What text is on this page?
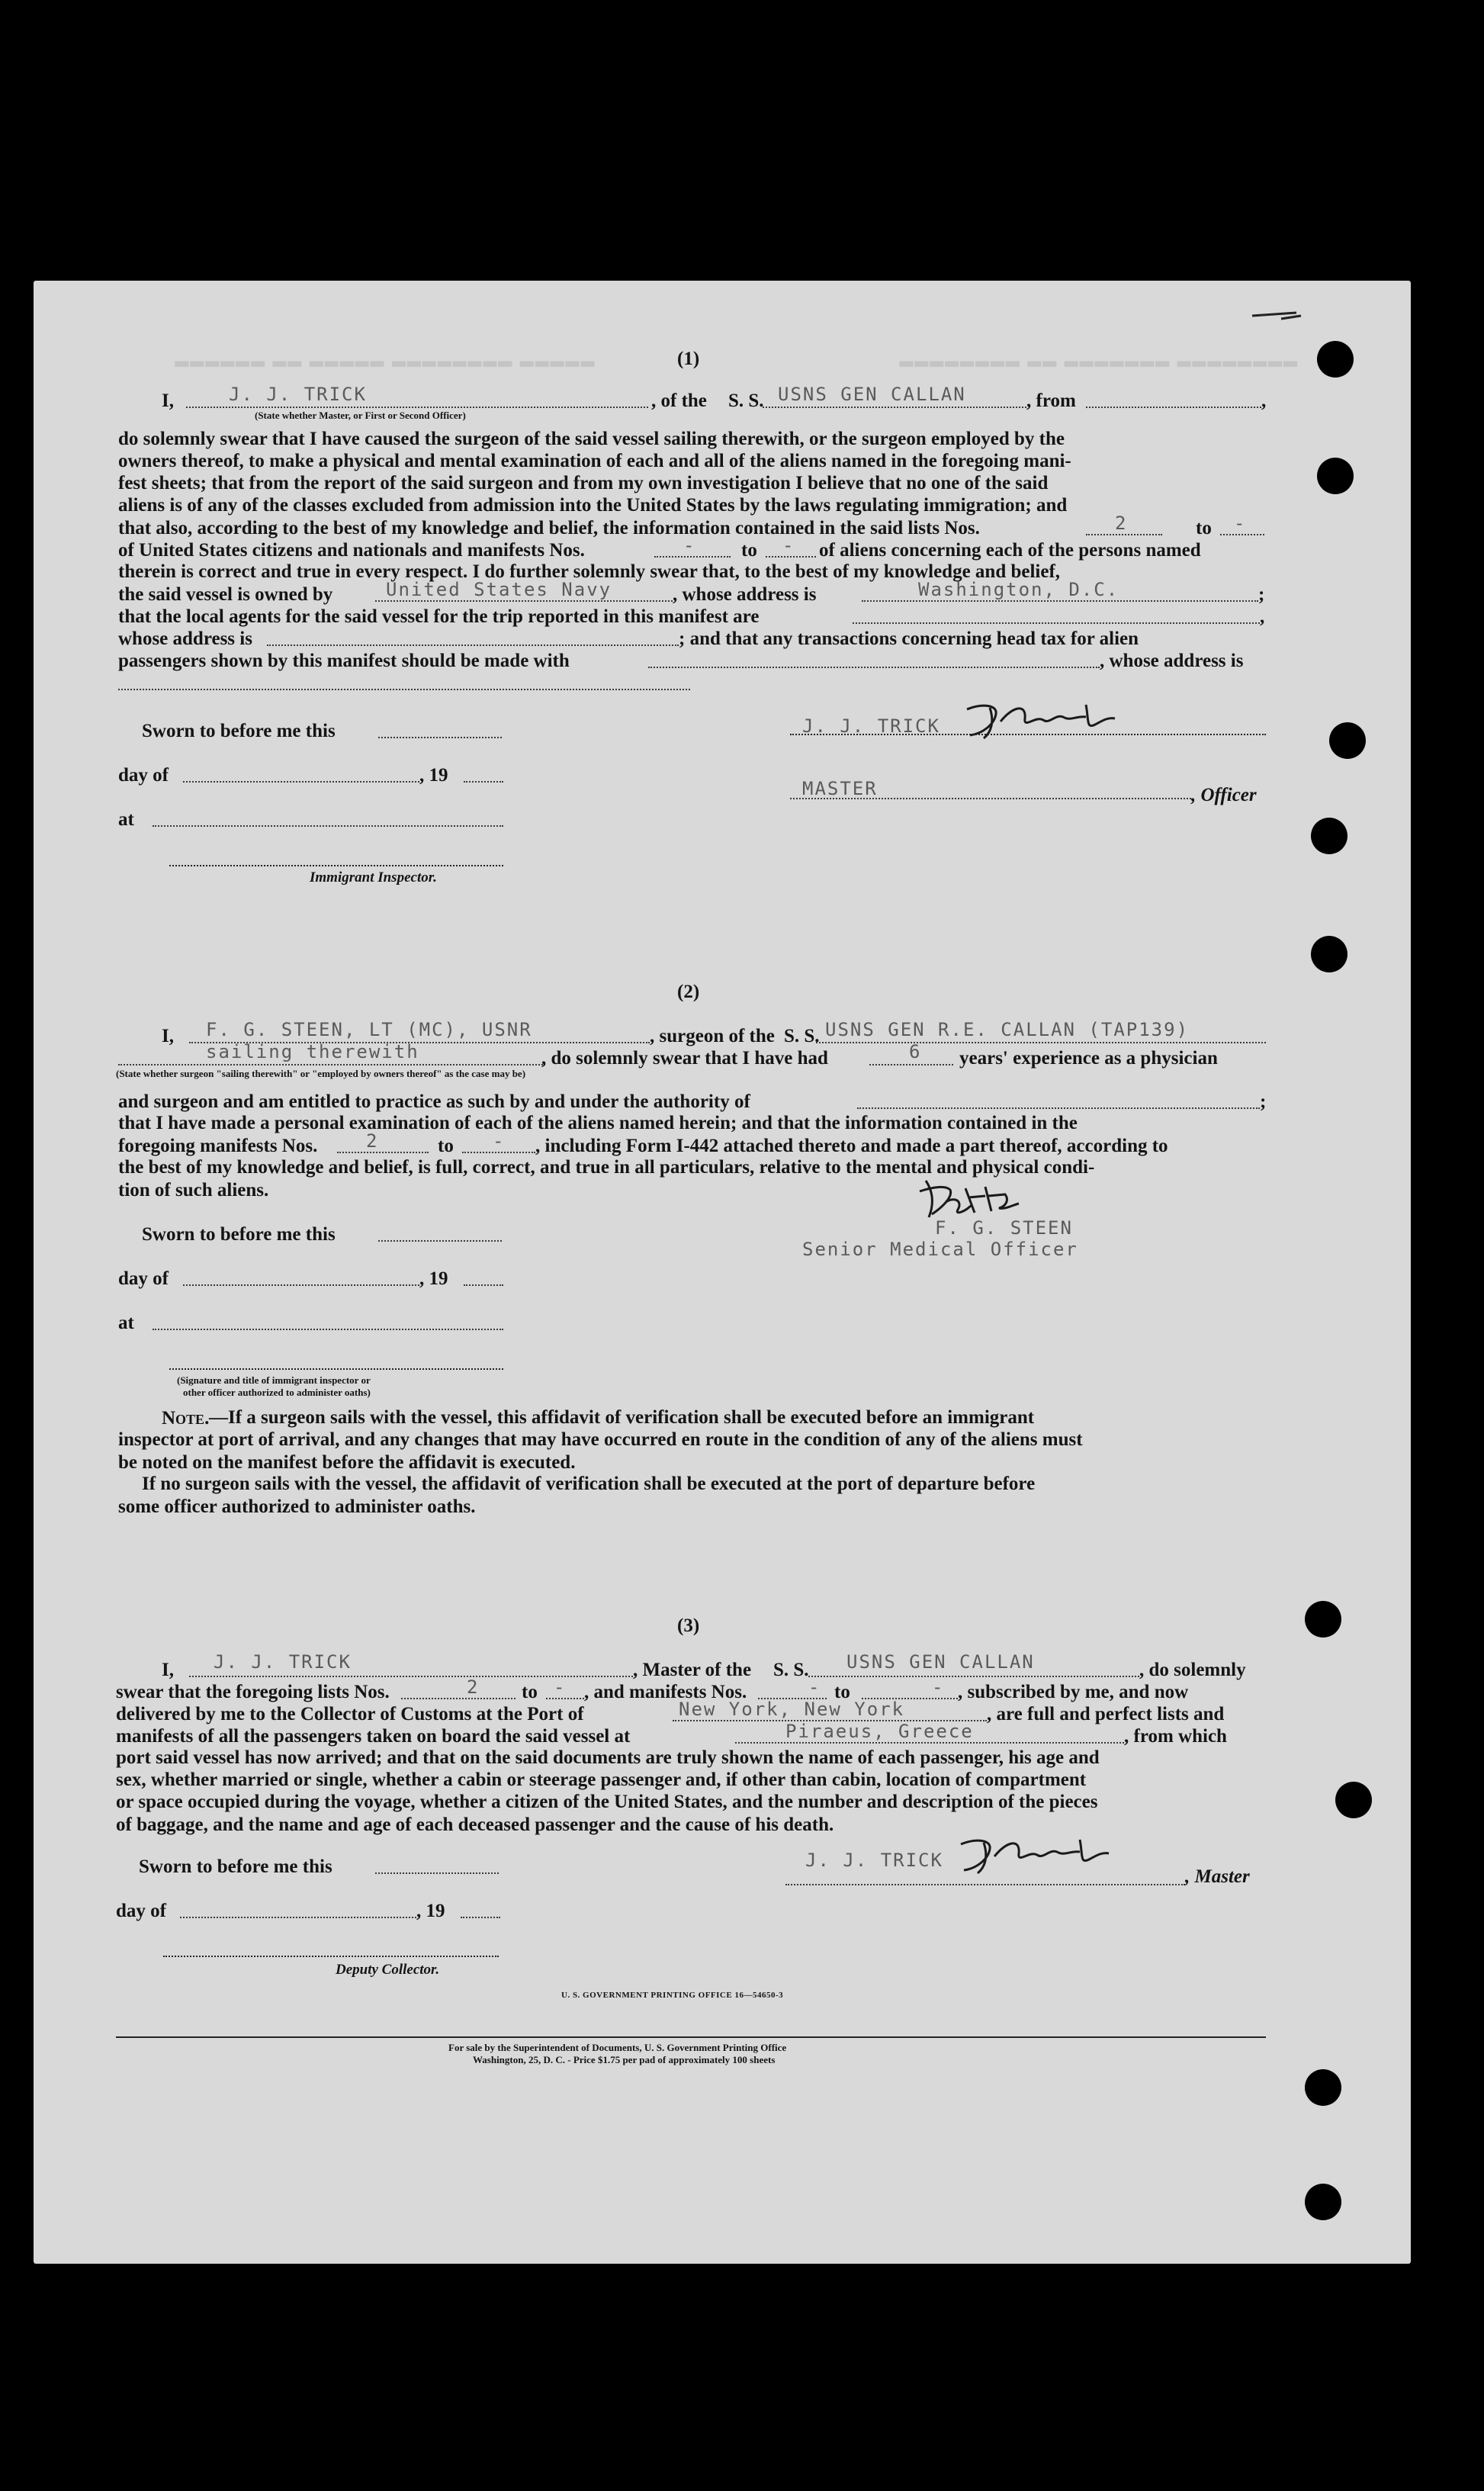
▂▂▂▂▂▂ ▂▂ ▂▂▂▂▂ ▂▂▂▂▂▂▂▂ ▂▂▂▂▂	▂▂▂▂▂▂▂▂ ▂▂ ▂▂▂▂▂▂▂ ▂▂▂▂▂▂▂▂
(1)
I,	J. J. TRICK	, of the S. S. USNS GEN CALLAN	, from	,
(State whether Master, or First or Second Officer)
do solemnly swear that I have caused the surgeon of the said vessel sailing therewith, or the surgeon employed by the
owners thereof, to make a physical and mental examination of each and all of the aliens named in the foregoing mani-
fest sheets; that from the report of the said surgeon and from my own investigation I believe that no one of the said
aliens is of any of the classes excluded from admission into the United States by the laws regulating immigration; and
that also, according to the best of my knowledge and belief, the information contained in the said lists Nos.	2	to -
of United States citizens and nationals and manifests Nos.	- to - of aliens concerning each of the persons named
therein is correct and true in every respect. I do further solemnly swear that, to the best of my knowledge and belief,
the said vessel is owned by	United States Navy	, whose address is	Washington, D.C.	;
that the local agents for the said vessel for the trip reported in this manifest are	,
whose address is	; and that any transactions concerning head tax for alien
passengers shown by this manifest should be made with	, whose address is
Sworn to before me this
day of	, 19
at
Immigrant Inspector.
J. J. TRICK
MASTER	, Officer
(2)
I, F. G. STEEN, LT (MC), USNR	, surgeon of the S. S. USNS GEN R.E. CALLAN (TAP139)
sailing therewith	, do solemnly swear that I have had	6 years' experience as a physician
(State whether surgeon "sailing therewith" or "employed by owners thereof" as the case may be)
and surgeon and am entitled to practice as such by and under the authority of	;
that I have made a personal examination of each of the aliens named herein; and that the information contained in the
foregoing manifests Nos.	2	to - , including Form I-442 attached thereto and made a part thereof, according to
the best of my knowledge and belief, is full, correct, and true in all particulars, relative to the mental and physical condi-
tion of such aliens.
Sworn to before me this
day of	, 19
at
(Signature and title of immigrant inspector or
other officer authorized to administer oaths)
F. G. STEEN
Senior Medical Officer
Note. —If a surgeon sails with the vessel, this affidavit of verification shall be executed before an immigrant
inspector at port of arrival, and any changes that may have occurred en route in the condition of any of the aliens must
be noted on the manifest before the affidavit is executed.
If no surgeon sails with the vessel, the affidavit of verification shall be executed at the port of departure before
some officer authorized to administer oaths.
(3)
I, J. J. TRICK	, Master of the S. S. USNS GEN CALLAN	, do solemnly
swear that the foregoing lists Nos.	2 to - , and manifests Nos.	- to	- , subscribed by me, and now
delivered by me to the Collector of Customs at the Port of	New York, New York	, are full and perfect lists and
manifests of all the passengers taken on board the said vessel at	Piraeus, Greece	, from which
port said vessel has now arrived; and that on the said documents are truly shown the name of each passenger, his age and
sex, whether married or single, whether a cabin or steerage passenger and, if other than cabin, location of compartment
or space occupied during the voyage, whether a citizen of the United States, and the number and description of the pieces
of baggage, and the name and age of each deceased passenger and the cause of his death.
Sworn to before me this
day of	, 19
Deputy Collector.
J. J. TRICK
, Master
U. S. GOVERNMENT PRINTING OFFICE 16—54650-3
For sale by the Superintendent of Documents, U. S. Government Printing Office
Washington, 25, D. C. - Price $1.75 per pad of approximately 100 sheets
